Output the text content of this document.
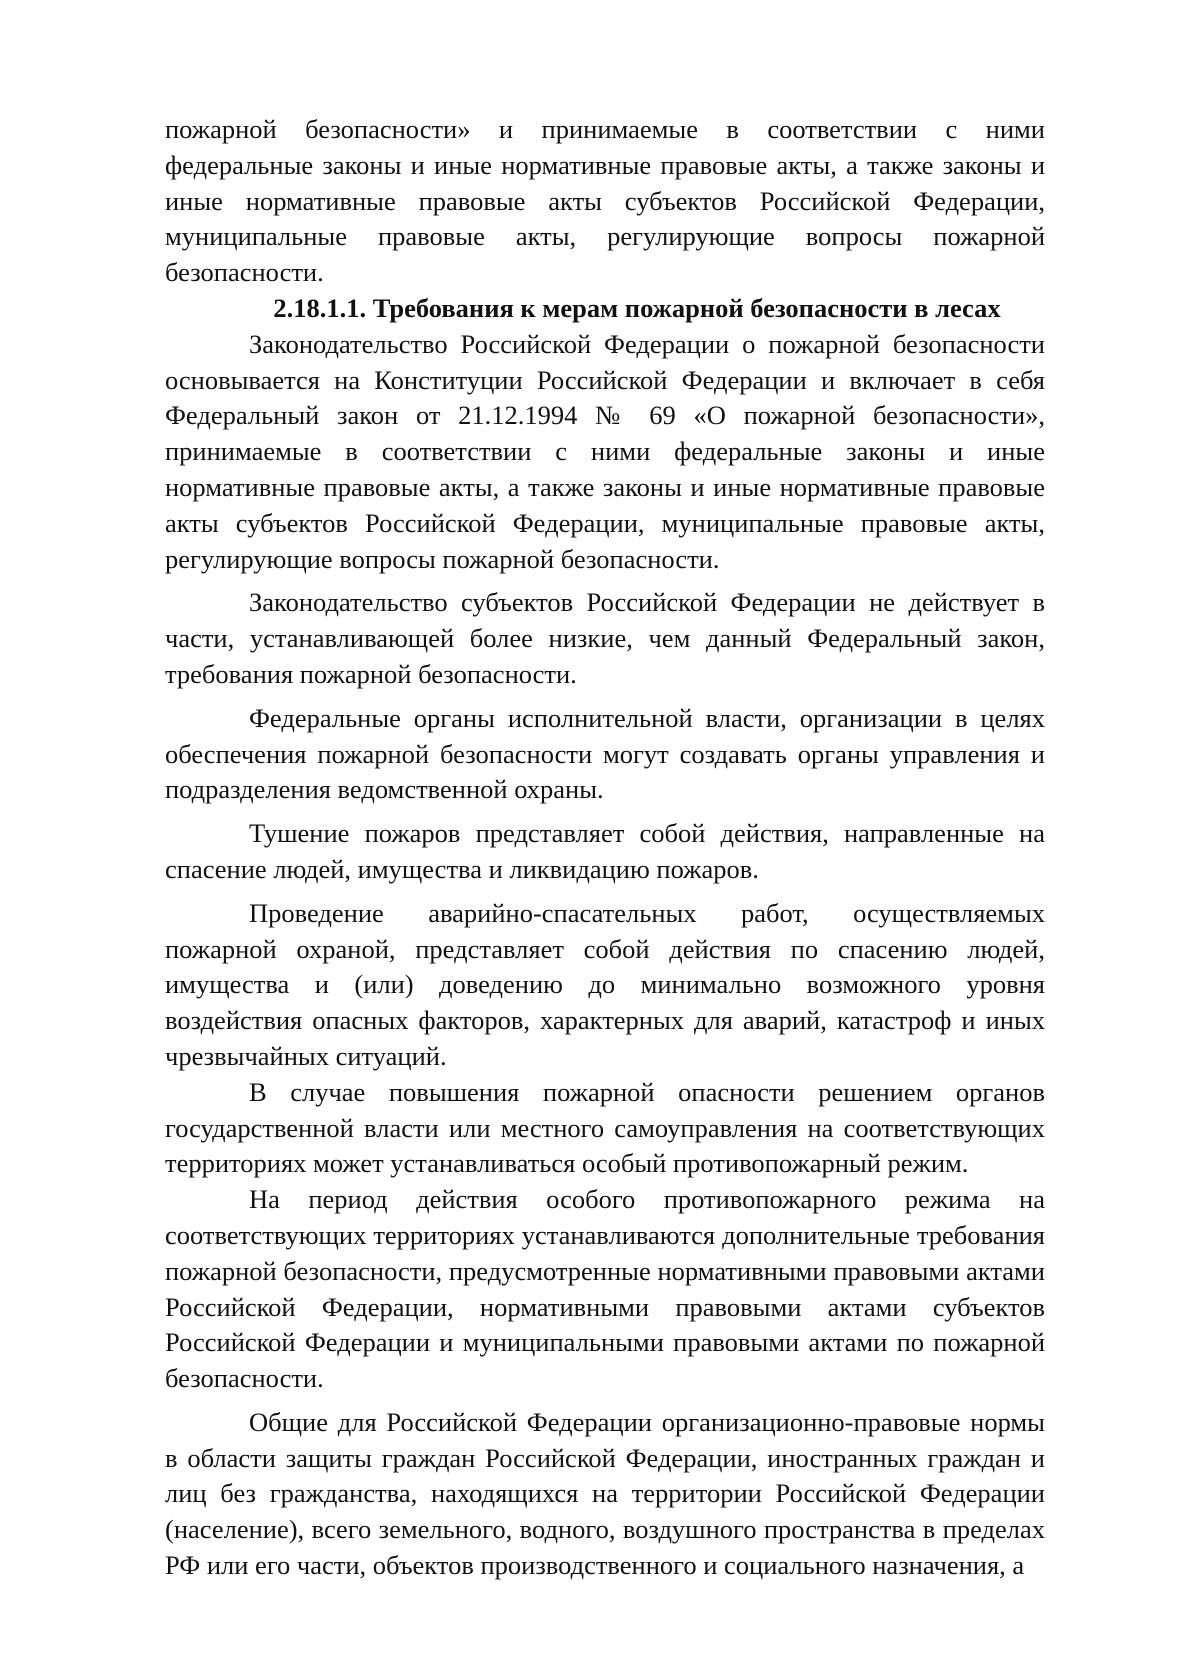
пожарной безопасности» и принимаемые в соответствии с ними федеральные законы и иные нормативные правовые акты, а также законы и иные нормативные правовые акты субъектов Российской Федерации, муниципальные правовые акты, регулирующие вопросы пожарной безопасности.

2.18.1.1. Требования к мерам пожарной безопасности в лесах

Законодательство Российской Федерации о пожарной безопасности основывается на Конституции Российской Федерации и включает в себя Федеральный закон от 21.12.1994 № 69 «О пожарной безопасности», принимаемые в соответствии с ними федеральные законы и иные нормативные правовые акты, а также законы и иные нормативные правовые акты субъектов Российской Федерации, муниципальные правовые акты, регулирующие вопросы пожарной безопасности.

Законодательство субъектов Российской Федерации не действует в части, устанавливающей более низкие, чем данный Федеральный закон, требования пожарной безопасности.

Федеральные органы исполнительной власти, организации в целях обеспечения пожарной безопасности могут создавать органы управления и подразделения ведомственной охраны.

Тушение пожаров представляет собой действия, направленные на спасение людей, имущества и ликвидацию пожаров.

Проведение аварийно-спасательных работ, осуществляемых пожарной охраной, представляет собой действия по спасению людей, имущества и (или) доведению до минимально возможного уровня воздействия опасных факторов, характерных для аварий, катастроф и иных чрезвычайных ситуаций.

В случае повышения пожарной опасности решением органов государственной власти или местного самоуправления на соответствующих территориях может устанавливаться особый противопожарный режим.

На период действия особого противопожарного режима на соответствующих территориях устанавливаются дополнительные требования пожарной безопасности, предусмотренные нормативными правовыми актами Российской Федерации, нормативными правовыми актами субъектов Российской Федерации и муниципальными правовыми актами по пожарной безопасности.

Общие для Российской Федерации организационно-правовые нормы в области защиты граждан Российской Федерации, иностранных граждан и лиц без гражданства, находящихся на территории Российской Федерации (население), всего земельного, водного, воздушного пространства в пределах РФ или его части, объектов производственного и социального назначения, а
